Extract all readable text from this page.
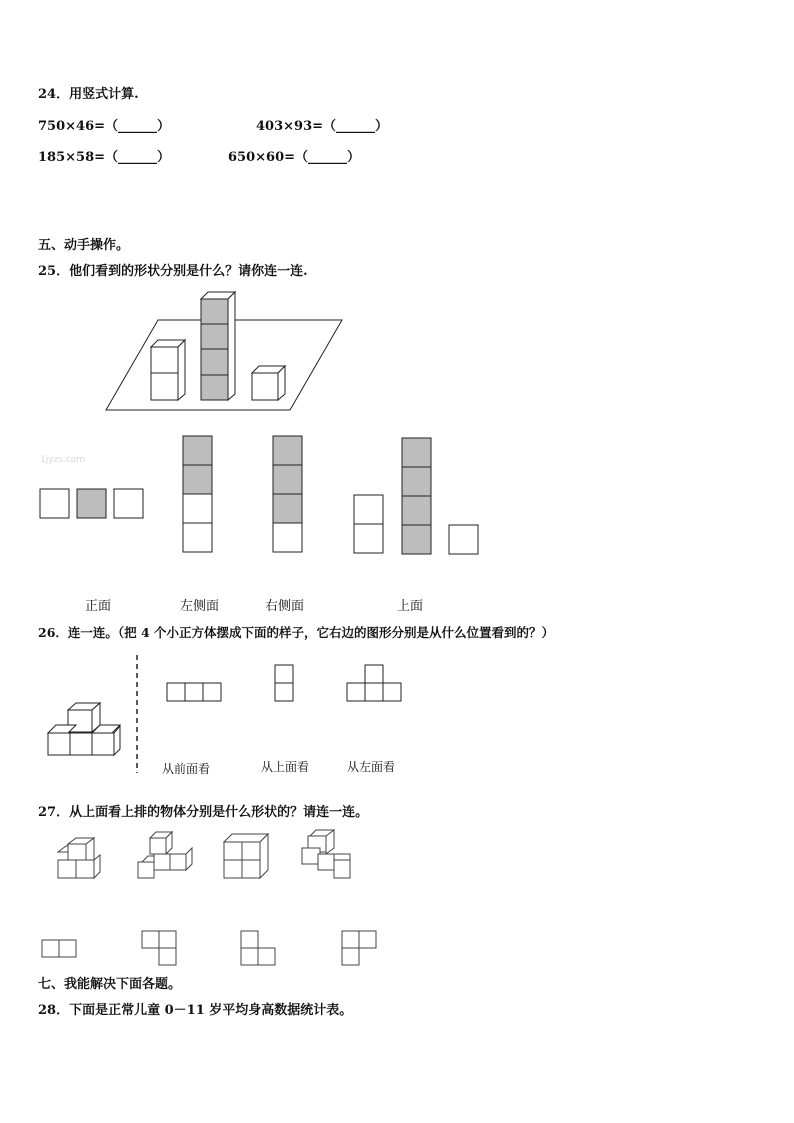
24．用竖式计算.
750×46=（______）	403×93=（______）
185×58=（______）	650×60=（______）
五、动手操作。
25．他们看到的形状分别是什么？请你连一连.
1jyzs.com
正面	左侧面	右侧面	上面
26．连一连。（把 4 个小正方体摆成下面的样子，它右边的图形分别是从什么位置看到的？）
从前面看	从上面看	从左面看
27．从上面看上排的物体分别是什么形状的？请连一连。
七、我能解决下面各题。
28．下面是正常儿童 0－11 岁平均身高数据统计表。
